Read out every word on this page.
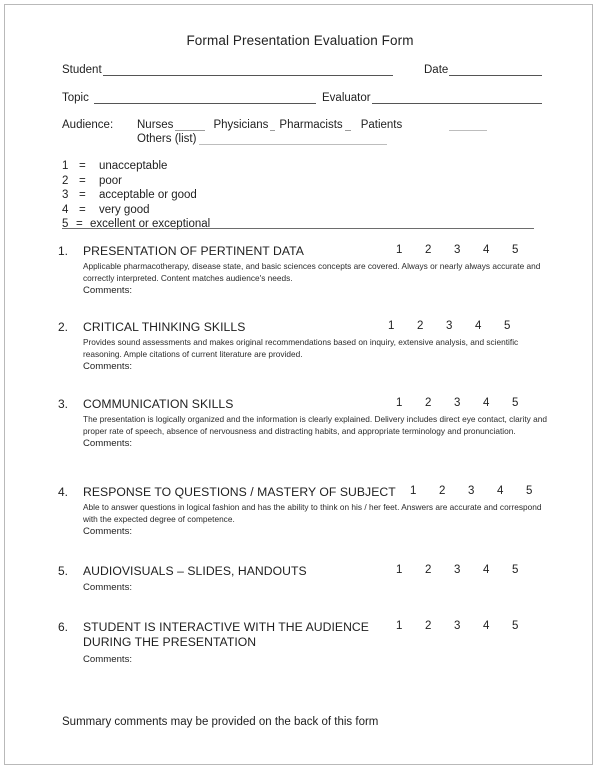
Formal Presentation Evaluation Form
Student	Date
Topic	Evaluator
Audience:	Nurses	Physicians Pharmacists Patients
Others (list)
1 =	unacceptable
2 =	poor
3 =	acceptable or good
4 =	very good
5 = excellent or exceptional
1. PRESENTATION OF PERTINENT DATA	1	2	3	4	5
Applicable pharmacotherapy, disease state, and basic sciences concepts are covered. Always or nearly always accurate and correctly interpreted. Content matches audience's needs.
Comments:
2. CRITICAL THINKING SKILLS	1	2	3	4	5
Provides sound assessments and makes original recommendations based on inquiry, extensive analysis, and scientific reasoning. Ample citations of current literature are provided.
Comments:
3. COMMUNICATION SKILLS	1	2	3	4	5
The presentation is logically organized and the information is clearly explained. Delivery includes direct eye contact, clarity and proper rate of speech, absence of nervousness and distracting habits, and appropriate terminology and pronunciation.
Comments:
4. RESPONSE TO QUESTIONS / MASTERY OF SUBJECT 1	2	3	4	5
Able to answer questions in logical fashion and has the ability to think on his / her feet. Answers are accurate and correspond with the expected degree of competence.
Comments:
5. AUDIOVISUALS – SLIDES, HANDOUTS	1	2	3	4	5
Comments:
6. STUDENT IS INTERACTIVE WITH THE AUDIENCE
DURING THE PRESENTATION
1	2	3	4	5
Comments:
Summary comments may be provided on the back of this form
